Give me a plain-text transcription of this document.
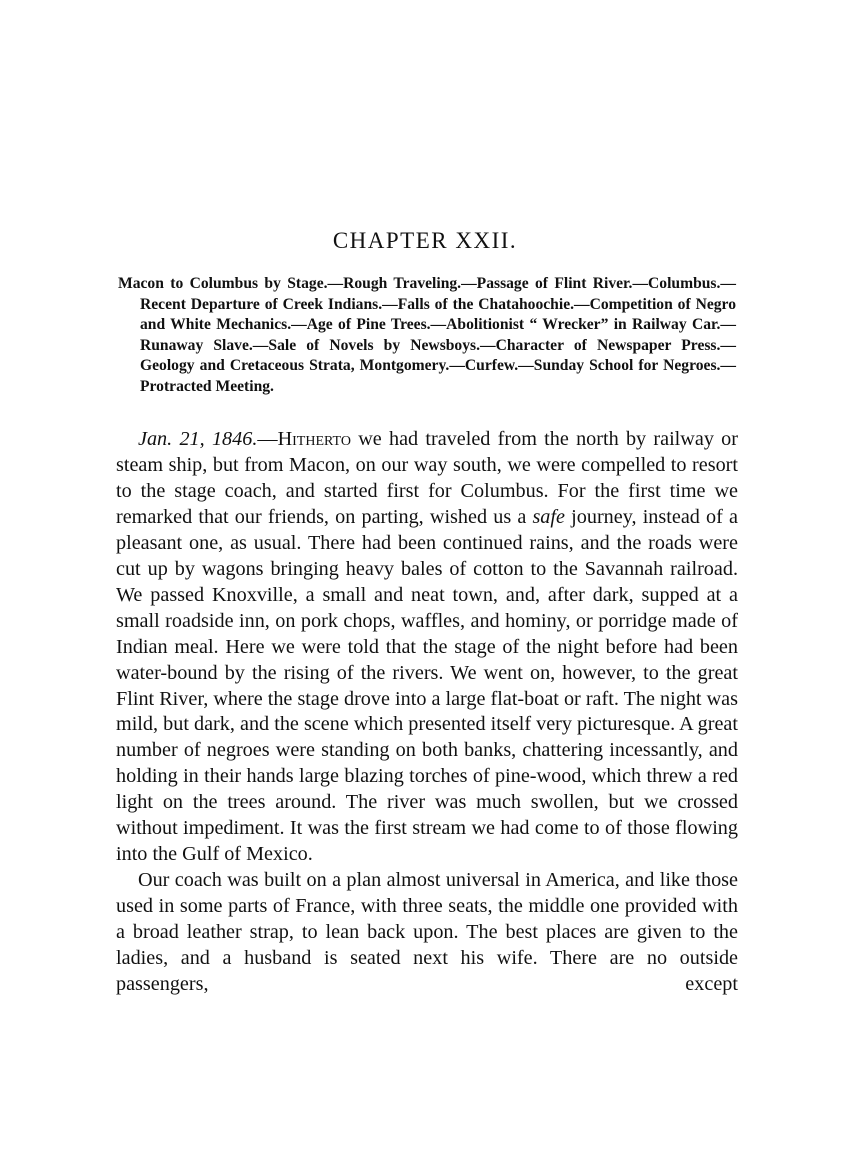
CHAPTER XXII.

Macon to Columbus by Stage.—Rough Traveling.—Passage of Flint River.—Columbus.—Recent Departure of Creek Indians.—Falls of the Chatahoochie.—Competition of Negro and White Mechanics.—Age of Pine Trees.—Abolitionist “ Wrecker” in Railway Car.—Runaway Slave.—Sale of Novels by Newsboys.—Character of Newspaper Press.—Geology and Cretaceous Strata, Montgomery.—Curfew.—Sunday School for Negroes.—Protracted Meeting.

Jan. 21, 1846.—Hitherto we had traveled from the north by railway or steam ship, but from Macon, on our way south, we were compelled to resort to the stage coach, and started first for Columbus. For the first time we remarked that our friends, on parting, wished us a safe journey, instead of a pleasant one, as usual. There had been continued rains, and the roads were cut up by wagons bringing heavy bales of cotton to the Savannah railroad. We passed Knoxville, a small and neat town, and, after dark, supped at a small roadside inn, on pork chops, waffles, and hominy, or porridge made of Indian meal. Here we were told that the stage of the night before had been water-bound by the rising of the rivers. We went on, however, to the great Flint River, where the stage drove into a large flat-boat or raft. The night was mild, but dark, and the scene which presented itself very picturesque. A great number of negroes were standing on both banks, chattering incessantly, and holding in their hands large blazing torches of pine-wood, which threw a red light on the trees around. The river was much swollen, but we crossed without impediment. It was the first stream we had come to of those flowing into the Gulf of Mexico.

Our coach was built on a plan almost universal in America, and like those used in some parts of France, with three seats, the middle one provided with a broad leather strap, to lean back upon. The best places are given to the ladies, and a husband is seated next his wife. There are no outside passengers, except
